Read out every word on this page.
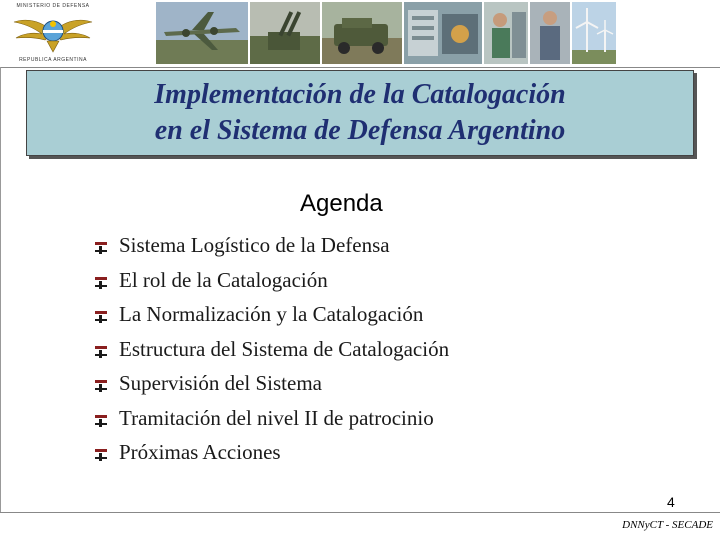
MINISTERIO DE DEFENSA
REPUBLICA ARGENTINA
Implementación de la Catalogación
en el Sistema de Defensa Argentino
Agenda
Sistema Logístico de la Defensa
El rol de la Catalogación
La Normalización y la Catalogación
Estructura del Sistema de Catalogación
Supervisión del Sistema
Tramitación del nivel II de patrocinio
Próximas Acciones
4
DNNyCT - SECADE
